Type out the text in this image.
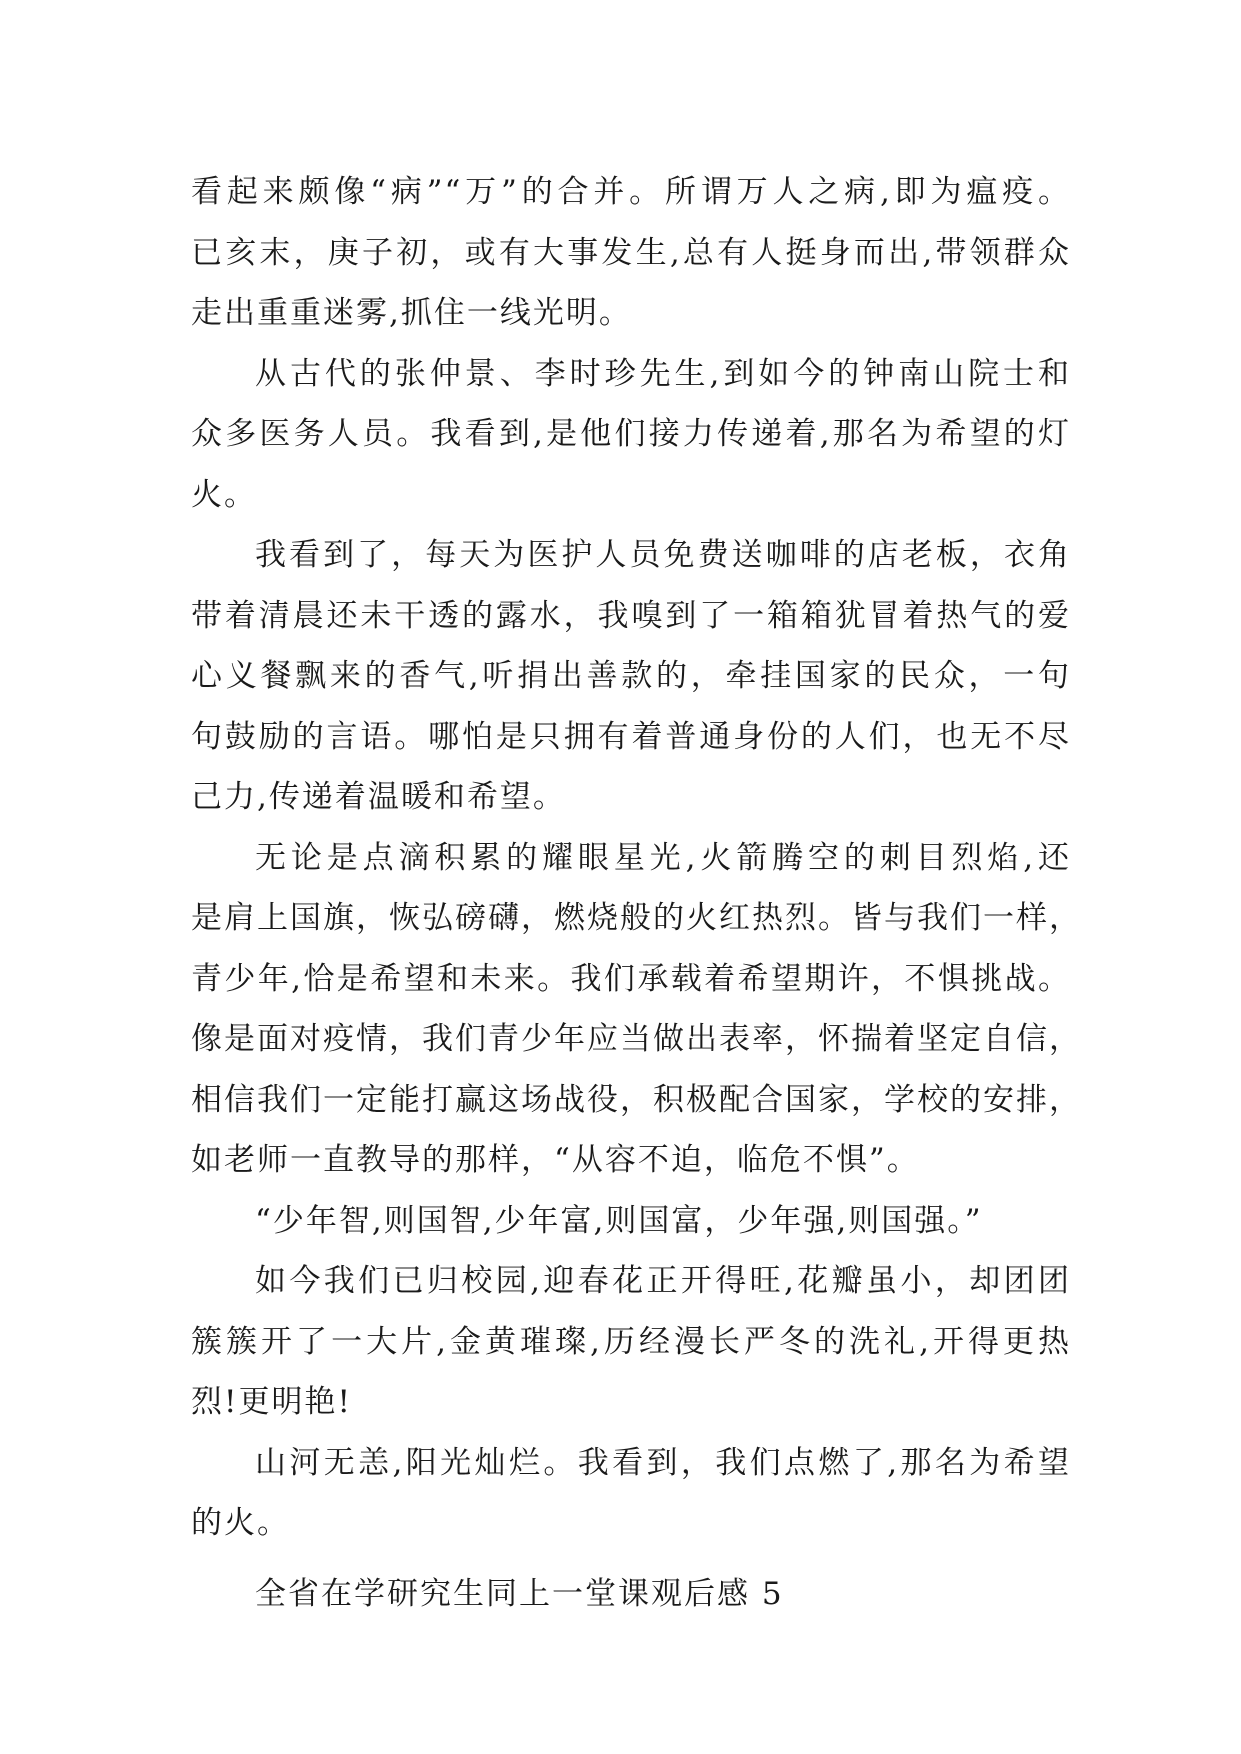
看起来颇像“病”“万”的合并。所谓万人之病,即为瘟疫。
已亥末，庚子初，或有大事发生,总有人挺身而出,带领群众
走出重重迷雾,抓住一线光明。
从古代的张仲景、李时珍先生,到如今的钟南山院士和
众多医务人员。我看到,是他们接力传递着,那名为希望的灯
火。
我看到了，每天为医护人员免费送咖啡的店老板，衣角
带着清晨还未干透的露水，我嗅到了一箱箱犹冒着热气的爱
心义餐飘来的香气,听捐出善款的，牵挂国家的民众，一句
句鼓励的言语。哪怕是只拥有着普通身份的人们，也无不尽
己力,传递着温暖和希望。
无论是点滴积累的耀眼星光,火箭腾空的刺目烈焰,还
是肩上国旗，恢弘磅礴，燃烧般的火红热烈。皆与我们一样，
青少年,恰是希望和未来。我们承载着希望期许，不惧挑战。
像是面对疫情，我们青少年应当做出表率，怀揣着坚定自信，
相信我们一定能打赢这场战役，积极配合国家，学校的安排，
如老师一直教导的那样，“从容不迫，临危不惧”。
“少年智,则国智,少年富,则国富，少年强,则国强。”
如今我们已归校园,迎春花正开得旺,花瓣虽小，却团团
簇簇开了一大片,金黄璀璨,历经漫长严冬的洗礼,开得更热
烈!更明艳!
山河无恙,阳光灿烂。我看到，我们点燃了,那名为希望
的火。
全省在学研究生同上一堂课观后感 5
